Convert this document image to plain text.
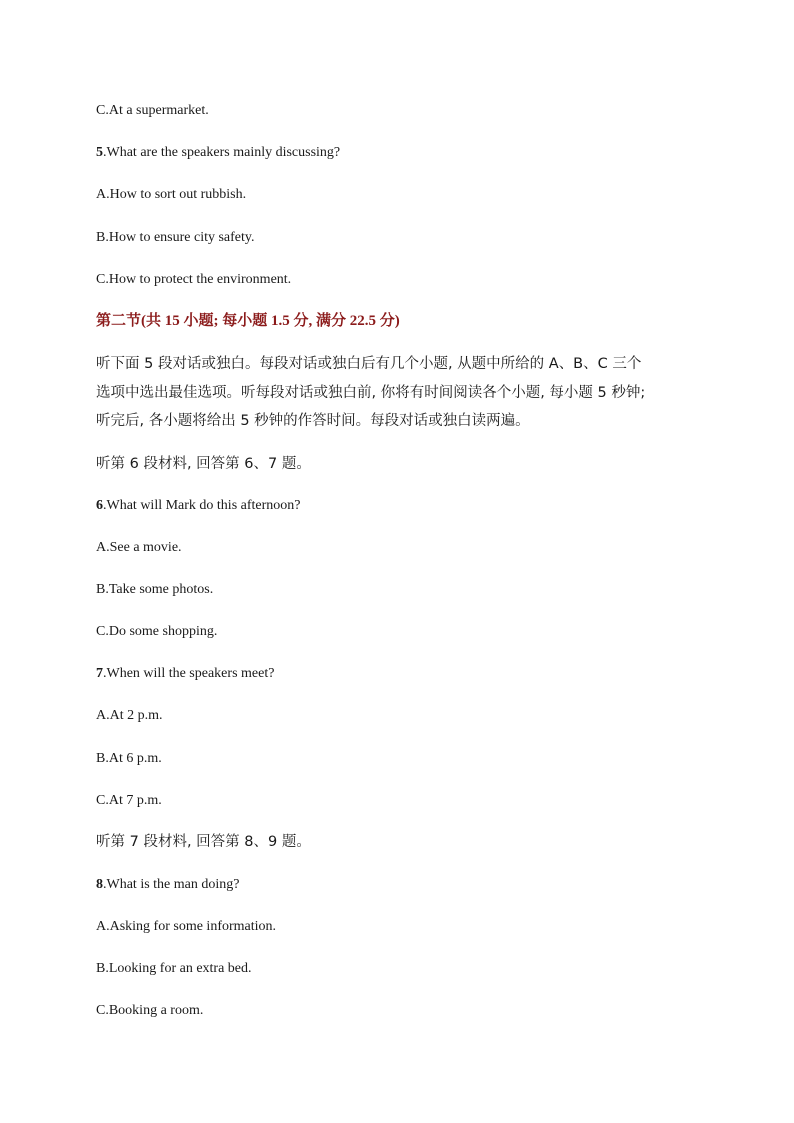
C.At a supermarket.
5.What are the speakers mainly discussing?
A.How to sort out rubbish.
B.How to ensure city safety.
C.How to protect the environment.
第二节(共 15 小题; 每小题 1.5 分, 满分 22.5 分)
听下面 5 段对话或独白。每段对话或独白后有几个小题, 从题中所给的 A、B、C 三个
选项中选出最佳选项。听每段对话或独白前, 你将有时间阅读各个小题, 每小题 5 秒钟;
听完后, 各小题将给出 5 秒钟的作答时间。每段对话或独白读两遍。
听第 6 段材料, 回答第 6、7 题。
6.What will Mark do this afternoon?
A.See a movie.
B.Take some photos.
C.Do some shopping.
7.When will the speakers meet?
A.At 2 p.m.
B.At 6 p.m.
C.At 7 p.m.
听第 7 段材料, 回答第 8、9 题。
8.What is the man doing?
A.Asking for some information.
B.Looking for an extra bed.
C.Booking a room.
